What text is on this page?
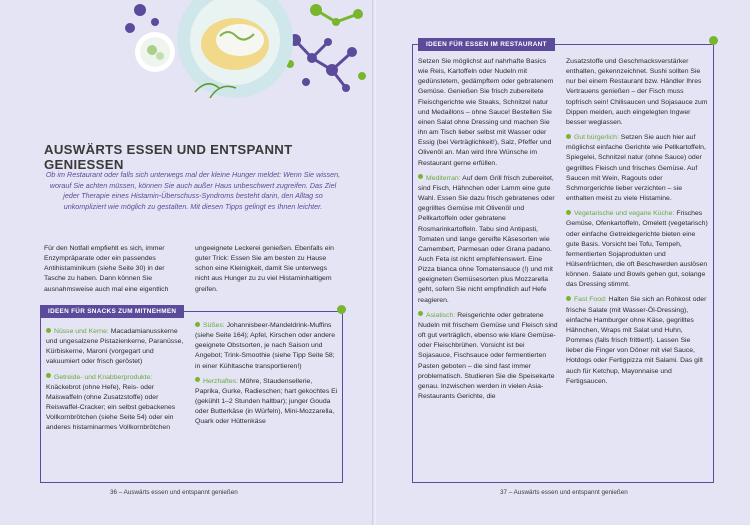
AUSWÄRTS ESSEN UND ENTSPANNT GENIESSEN

Ob im Restaurant oder falls sich unterwegs mal der kleine Hunger meldet: Wenn Sie wissen, worauf Sie achten müssen, können Sie auch außer Haus unbeschwert zugreifen. Das Ziel jeder Therapie eines Histamin-Überschuss-Syndroms besteht darin, den Alltag so unkompliziert wie möglich zu gestalten. Mit diesen Tipps gelingt es Ihnen leichter.

Für den Notfall empfiehlt es sich, immer Enzympräparate oder ein passendes Antihistaminikum (siehe Seite 30) in der Tasche zu haben. Dann können Sie ausnahmsweise auch mal eine eigentlich

ungeeignete Leckerei genießen. Ebenfalls ein guter Trick: Essen Sie am besten zu Hause schon eine Kleinigkeit, damit Sie unterwegs nicht aus Hunger zu zu viel Histaminhaltigem greifen.

IDEEN FÜR SNACKS ZUM MITNEHMEN

Nüsse und Kerne: Macadamianusskerne und ungesalzene Pistazienkerne, Paranüsse, Kürbiskerne, Maroni (vorgegart und vakuumiert oder frisch geröstet)

Getreide- und Knabberprodukte: Knäckebrot (ohne Hefe), Reis- oder Maiswaffeln (ohne Zusatzstoffe) oder Reiswaffel-Cracker; ein selbst gebackenes Vollkornbrötchen (siehe Seite 54) oder ein anderes histaminarmes Vollkornbrötchen

Süßes: Johannisbeer-Mandeldrink-Muffins (siehe Seite 164); Apfel, Kirschen oder andere geeignete Obstsorten, je nach Saison und Angebot; Trink-Smoothie (siehe Tipp Seite 58; in einer Kühltasche transportieren!)

Herzhaftes: Möhre, Staudensellerie, Paprika, Gurke, Radieschen; hart gekochtes Ei (gekühlt 1–2 Stunden haltbar); junger Gouda oder Butterkäse (in Würfeln), Mini-Mozzarella, Quark oder Hüttenkäse

36 – Auswärts essen und entspannt genießen

IDEEN FÜR ESSEN IM RESTAURANT

Setzen Sie möglichst auf nahrhafte Basics wie Reis, Kartoffeln oder Nudeln mit gedünstetem, gedämpftem oder gebratenem Gemüse. Genießen Sie frisch zubereitete Fleischgerichte wie Steaks, Schnitzel natur und Medaillons – ohne Sauce! Bestellen Sie einen Salat ohne Dressing und machen Sie ihn am Tisch lieber selbst mit Wasser oder Essig (bei Verträglichkeit!), Salz, Pfeffer und Olivenöl an. Man wird Ihre Wünsche im Restaurant gerne erfüllen.

Mediterran: Auf dem Grill frisch zubereitet, sind Fisch, Hähnchen oder Lamm eine gute Wahl. Essen Sie dazu frisch gebratenes oder gegrilltes Gemüse mit Olivenöl und Pellkartoffeln oder gebratene Rosmarinkartoffeln. Tabu sind Antipasti, Tomaten und lange gereifte Käsesorten wie Camembert, Parmesan oder Grana padano. Auch Feta ist nicht empfehlenswert. Eine Pizza bianca ohne Tomatensauce (!) und mit geeigneten Gemüsesorten plus Mozzarella geht, sofern Sie nicht empfindlich auf Hefe reagieren.

Asiatisch: Reisgerichte oder gebratene Nudeln mit frischem Gemüse und Fleisch sind oft gut verträglich, ebenso wie klare Gemüse- oder Fleischbrühen. Vorsicht ist bei Sojasauce, Fischsauce oder fermentierten Pasten geboten – die sind fast immer problematisch. Studieren Sie die Speisekarte genau. Inzwischen werden in vielen Asia-Restaurants Gerichte, die

Zusatzstoffe und Geschmacksverstärker enthalten, gekennzeichnet. Sushi sollten Sie nur bei einem Restaurant bzw. Händler Ihres Vertrauens genießen – der Fisch muss topfrisch sein! Chilisaucen und Sojasauce zum Dippen meiden, auch eingelegten Ingwer besser weglassen.

Gut bürgerlich: Setzen Sie auch hier auf möglichst einfache Gerichte wie Pellkartoffeln, Spiegelei, Schnitzel natur (ohne Sauce) oder gegrilltes Fleisch und frisches Gemüse. Auf Saucen mit Wein, Ragouts oder Schmorgerichte lieber verzichten – sie enthalten meist zu viele Histamine.

Vegetarische und vegane Küche: Frisches Gemüse, Ofenkartoffeln, Omelett (vegetarisch) oder einfache Getreidegerichte bieten eine gute Basis. Vorsicht bei Tofu, Tempeh, fermentierten Sojaprodukten und Hülsenfrüchten, die oft Beschwerden auslösen können. Salate und Bowls gehen gut, solange das Dressing stimmt.

Fast Food: Halten Sie sich an Rohkost oder frische Salate (mit Wasser-Öl-Dressing), einfache Hamburger ohne Käse, gegrilltes Hähnchen, Wraps mit Salat und Huhn, Pommes (falls frisch frittiert!). Lassen Sie lieber die Finger von Döner mit viel Sauce, Hotdogs oder Fertigpizza mit Salami. Das gilt auch für Ketchup, Mayonnaise und Fertigsaucen.

37 – Auswärts essen und entspannt genießen
